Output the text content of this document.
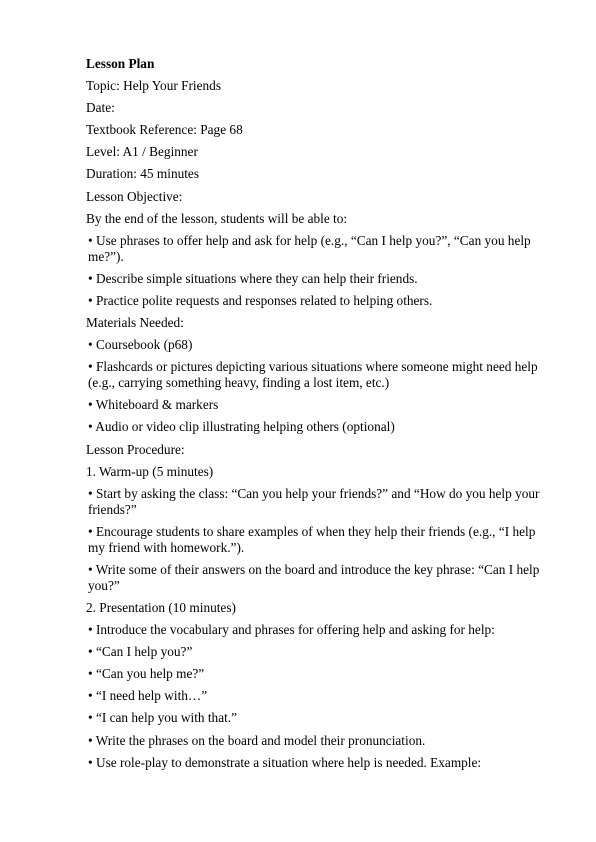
Lesson Plan
Topic: Help Your Friends
Date:
Textbook Reference: Page 68
Level: A1 / Beginner
Duration: 45 minutes
Lesson Objective:
By the end of the lesson, students will be able to:
• Use phrases to offer help and ask for help (e.g., “Can I help you?”, “Can you help me?”).
• Describe simple situations where they can help their friends.
• Practice polite requests and responses related to helping others.
Materials Needed:
• Coursebook (p68)
• Flashcards or pictures depicting various situations where someone might need help (e.g., carrying something heavy, finding a lost item, etc.)
• Whiteboard & markers
• Audio or video clip illustrating helping others (optional)
Lesson Procedure:
1. Warm-up (5 minutes)
• Start by asking the class: “Can you help your friends?” and “How do you help your friends?”
• Encourage students to share examples of when they help their friends (e.g., “I help my friend with homework.”).
• Write some of their answers on the board and introduce the key phrase: “Can I help you?”
2. Presentation (10 minutes)
• Introduce the vocabulary and phrases for offering help and asking for help:
• “Can I help you?”
• “Can you help me?”
• “I need help with…”
• “I can help you with that.”
• Write the phrases on the board and model their pronunciation.
• Use role-play to demonstrate a situation where help is needed. Example:
